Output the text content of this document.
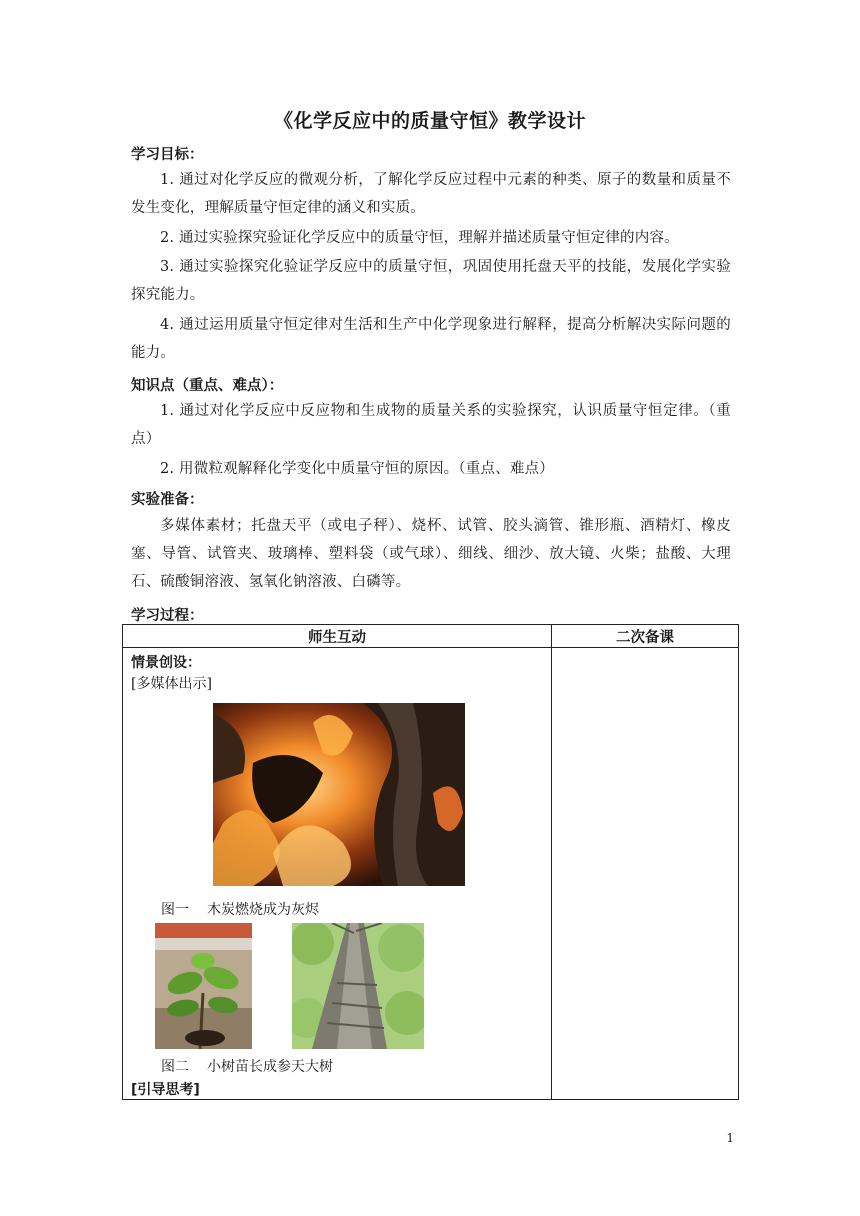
《化学反应中的质量守恒》教学设计
学习目标：
1. 通过对化学反应的微观分析，了解化学反应过程中元素的种类、原子的数量和质量不发生变化，理解质量守恒定律的涵义和实质。
2. 通过实验探究验证化学反应中的质量守恒，理解并描述质量守恒定律的内容。
3. 通过实验探究化验证学反应中的质量守恒，巩固使用托盘天平的技能，发展化学实验探究能力。
4. 通过运用质量守恒定律对生活和生产中化学现象进行解释，提高分析解决实际问题的能力。
知识点（重点、难点）：
1. 通过对化学反应中反应物和生成物的质量关系的实验探究，认识质量守恒定律。（重点）
2. 用微粒观解释化学变化中质量守恒的原因。（重点、难点）
实验准备：
多媒体素材；托盘天平（或电子秤）、烧杯、试管、胶头滴管、锥形瓶、酒精灯、橡皮塞、导管、试管夹、玻璃棒、塑料袋（或气球）、细线、细沙、放大镜、火柴；盐酸、大理石、硫酸铜溶液、氢氧化钠溶液、白磷等。
学习过程：
师生互动	二次备课

情景创设：
[多媒体出示]
图一 木炭燃烧成为灰烬
图二 小树苗长成参天大树
[引导思考]	

1
